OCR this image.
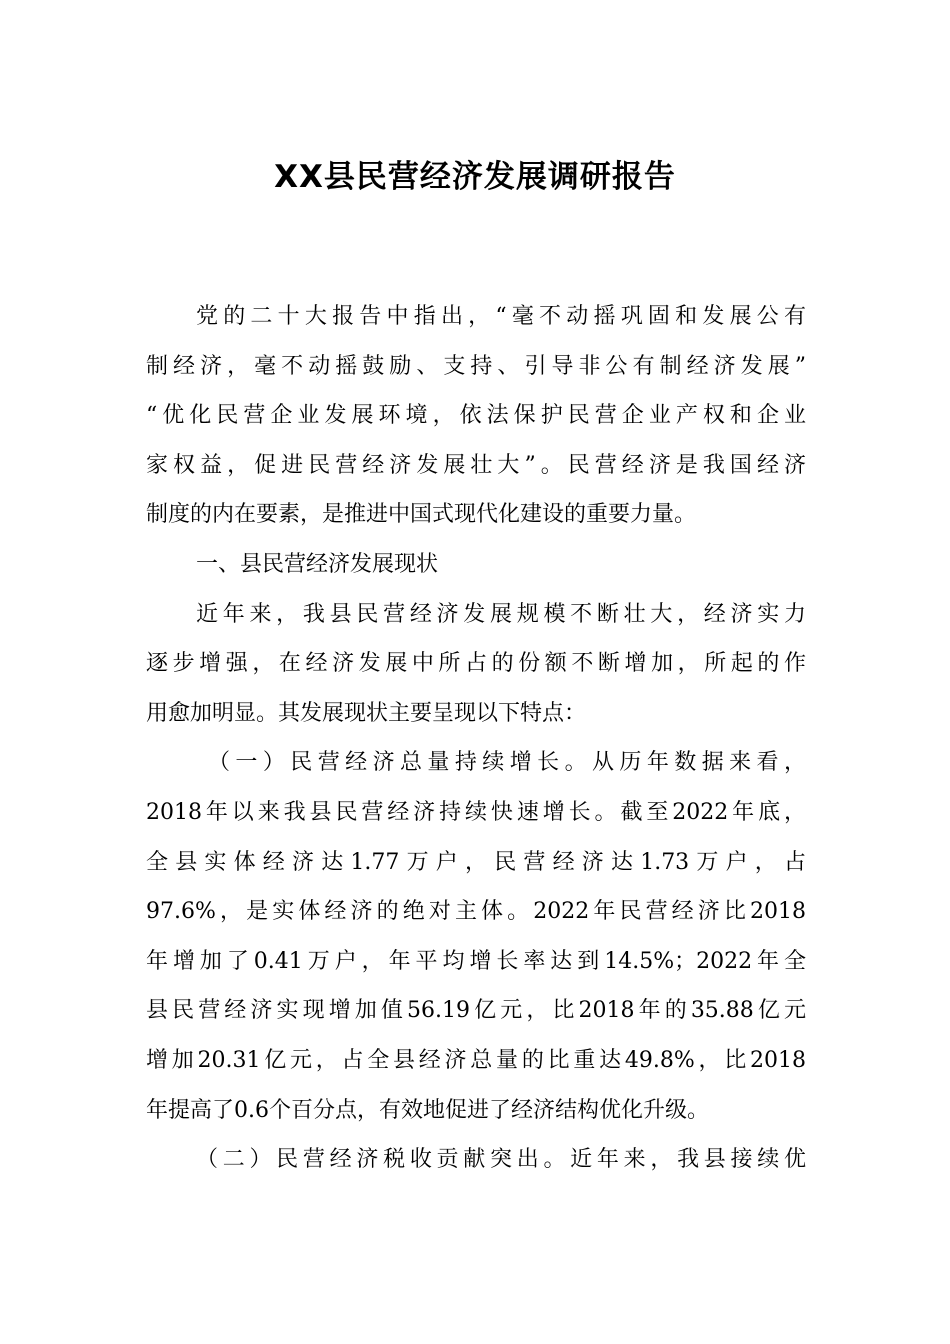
XX县民营经济发展调研报告
党的二十大报告中指出，“毫不动摇巩固和发展公有
制经济，毫不动摇鼓励、支持、引导非公有制经济发展”
“优化民营企业发展环境，依法保护民营企业产权和企业
家权益，促进民营经济发展壮大”。民营经济是我国经济
制度的内在要素，是推进中国式现代化建设的重要力量。
一、县民营经济发展现状
近年来，我县民营经济发展规模不断壮大，经济实力
逐步增强，在经济发展中所占的份额不断增加，所起的作
用愈加明显。其发展现状主要呈现以下特点：
（一）民营经济总量持续增长。从历年数据来看，
2018年以来我县民营经济持续快速增长。截至2022年底，
全县实体经济达1.77万户，民营经济达1.73万户，占
97.6%，是实体经济的绝对主体。2022年民营经济比2018
年增加了0.41万户，年平均增长率达到14.5%；2022年全
县民营经济实现增加值56.19亿元，比2018年的35.88亿元
增加20.31亿元，占全县经济总量的比重达49.8%，比2018
年提高了0.6个百分点，有效地促进了经济结构优化升级。
（二）民营经济税收贡献突出。近年来，我县接续优
